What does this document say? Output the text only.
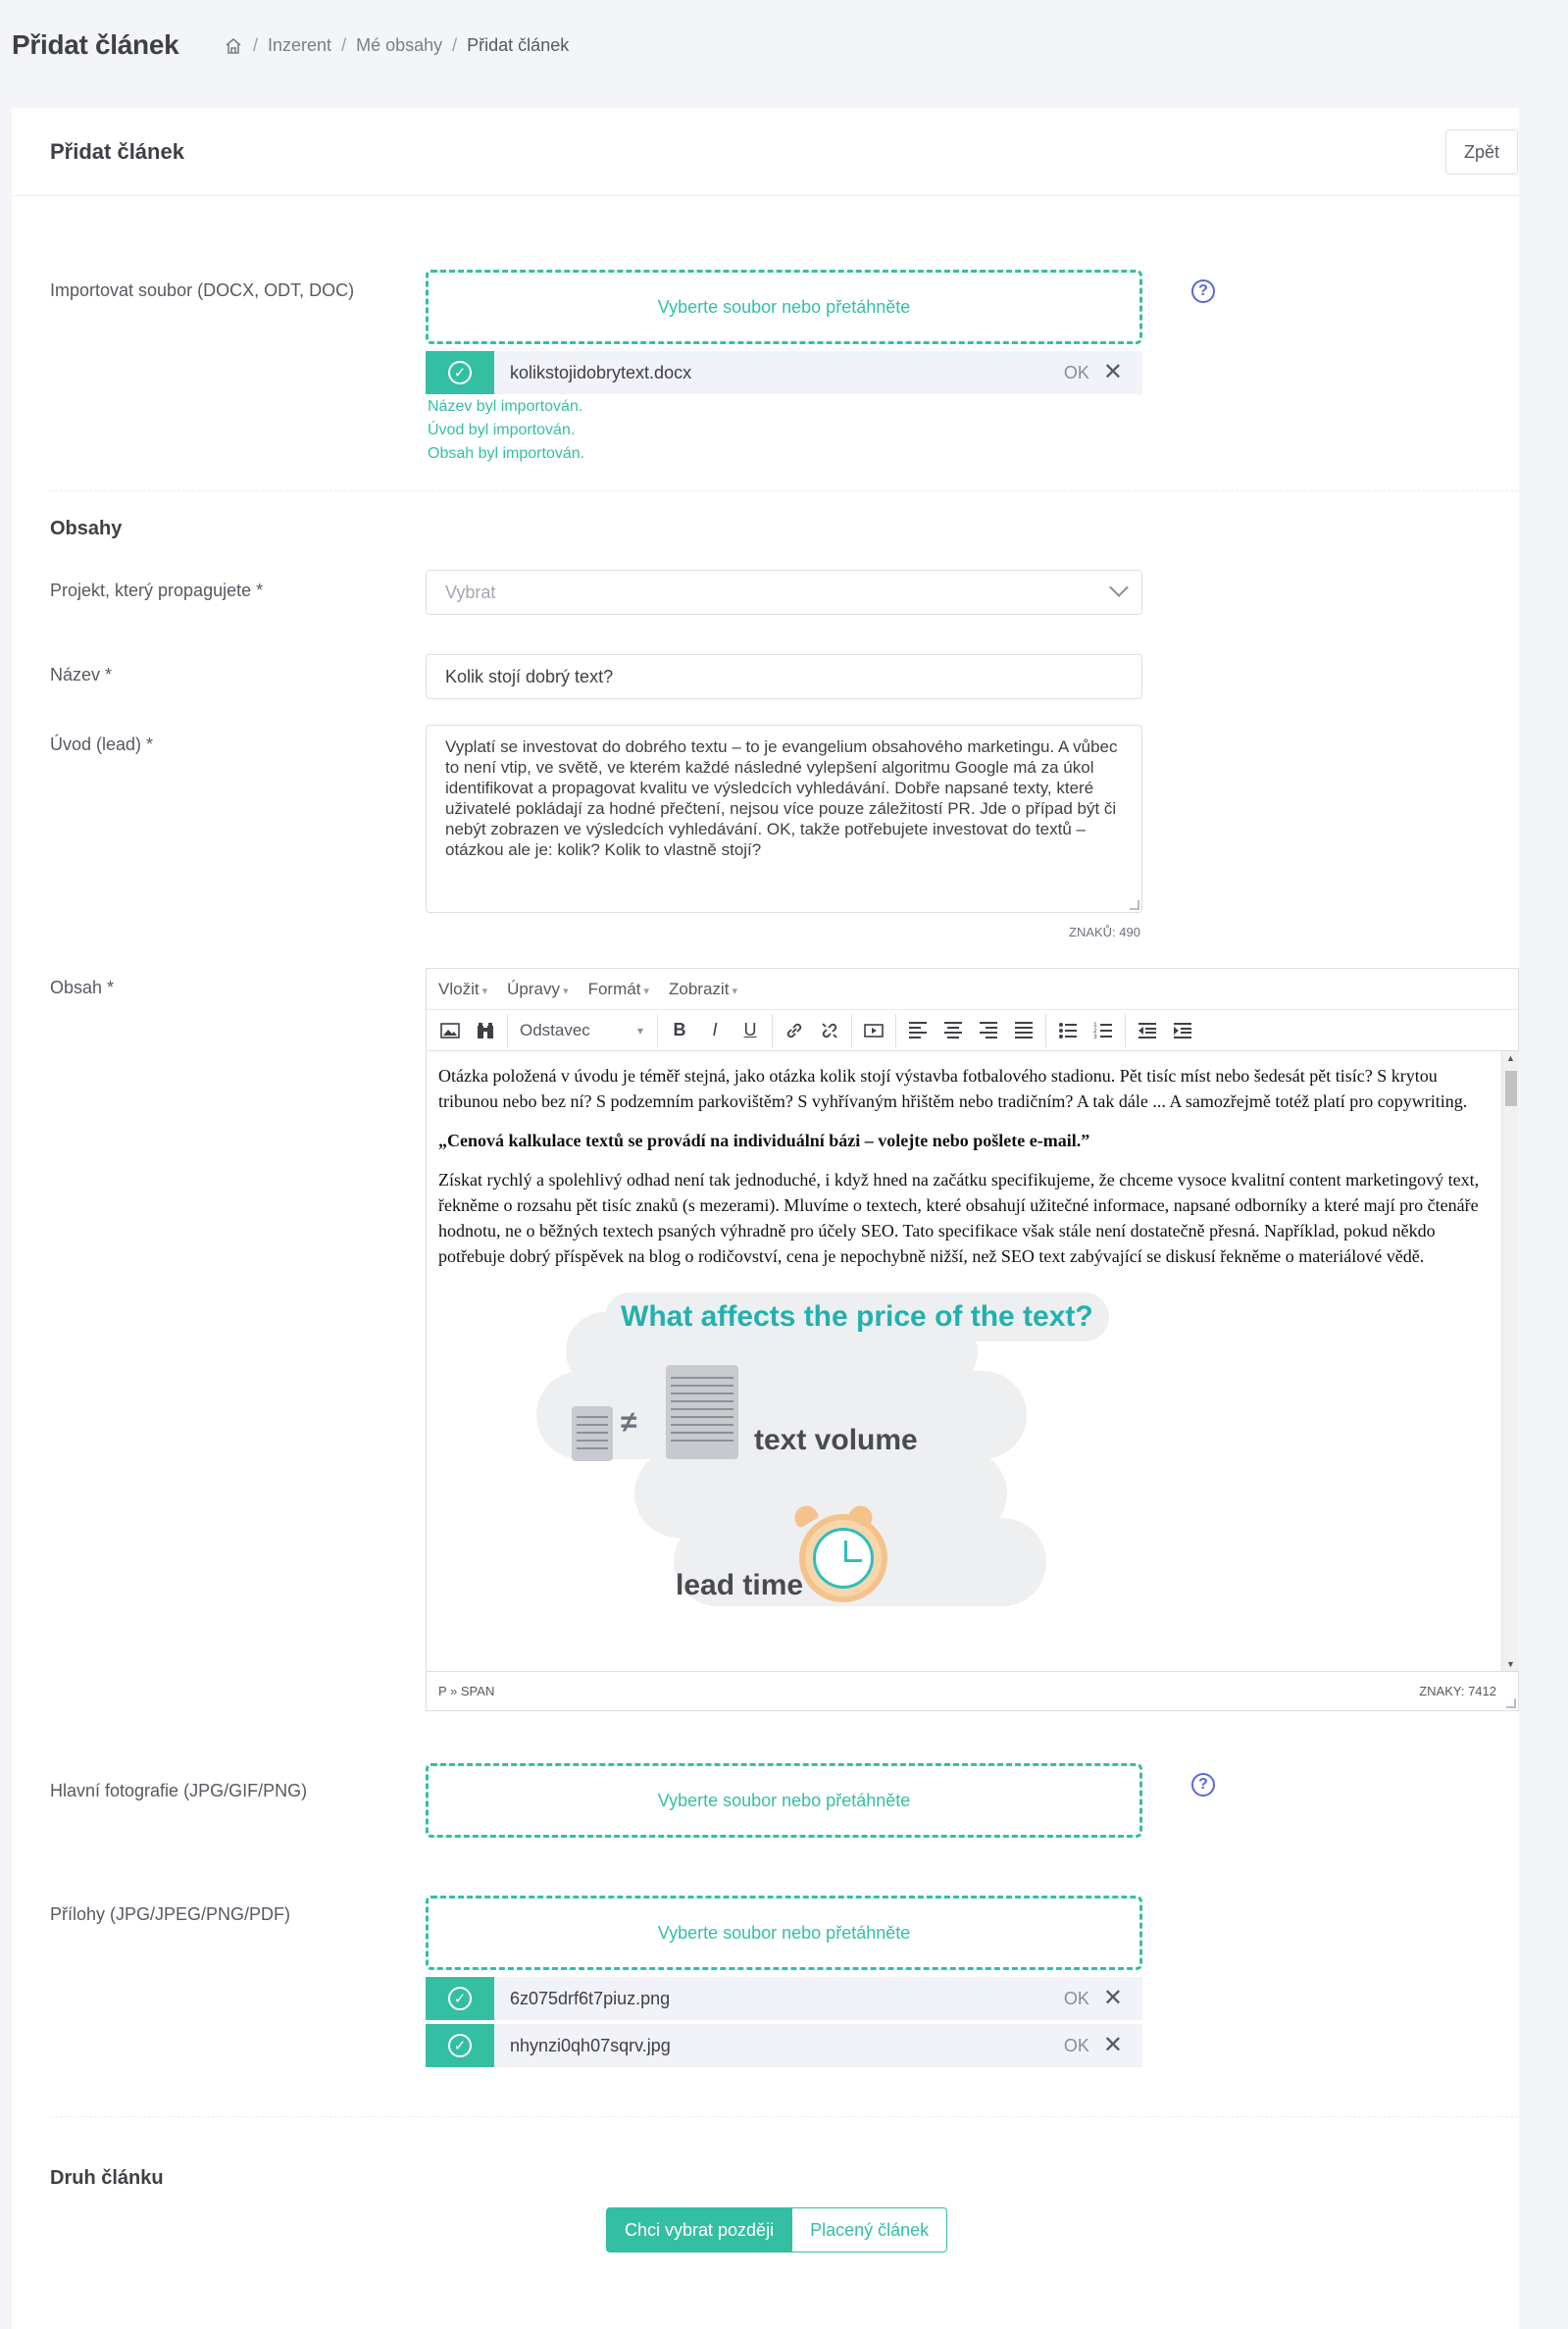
Přidat článek	/ Inzerent / Mé obsahy / Přidat článek
Přidat článek	Zpět
Importovat soubor (DOCX, ODT, DOC)
Vyberte soubor nebo přetáhněte
?
✓	kolikstojidobrytext.docx	OK ✕
Název byl importován.
Úvod byl importován.
Obsah byl importován.
Obsahy
Projekt, který propagujete *	Vybrat
Název *	Kolik stojí dobrý text?
Úvod (lead) *	Vyplatí se investovat do dobrého textu – to je evangelium obsahového marketingu. A vůbec to není vtip, ve světě, ve kterém každé následné vylepšení algoritmu Google má za úkol identifikovat a propagovat kvalitu ve výsledcích vyhledávání. Dobře napsané texty, které uživatelé pokládají za hodné přečtení, nejsou více pouze záležitostí PR. Jde o případ být či nebýt zobrazen ve výsledcích vyhledávání. OK, takže potřebujete investovat do textů – otázkou ale je: kolik? Kolik to vlastně stojí?
ZNAKŮ: 490
Obsah *	Vložit ▾	Úpravy ▾	Formát ▾	Zobrazit ▾
Odstavec ▾	B	I	U	1
2
3

Otázka položená v úvodu je téměř stejná, jako otázka kolik stojí výstavba fotbalového stadionu. Pět tisíc míst nebo šedesát pět tisíc? S krytou tribunou nebo bez ní? S podzemním parkovištěm? S vyhřívaným hřištěm nebo tradičním? A tak dále ... A samozřejmě totéž platí pro copywriting.

„Cenová kalkulace textů se provádí na individuální bázi – volejte nebo pošlete e-mail.”

Získat rychlý a spolehlivý odhad není tak jednoduché, i když hned na začátku specifikujeme, že chceme vysoce kvalitní content marketingový text, řekněme o rozsahu pět tisíc znaků (s mezerami). Mluvíme o textech, které obsahují užitečné informace, napsané odborníky a které mají pro čtenáře hodnotu, ne o běžných textech psaných výhradně pro účely SEO. Tato specifikace však stále není dostatečně přesná. Například, pokud někdo potřebuje dobrý příspěvek na blog o rodičovství, cena je nepochybně nižší, než SEO text zabývající se diskusí řekněme o materiálové vědě.

What affects the price of the text?
≠
text volume
lead time
▲
▼
P » SPAN	ZNAKY: 7412
Hlavní fotografie (JPG/GIF/PNG)	Vyberte soubor nebo přetáhněte
?
Přílohy (JPG/JPEG/PNG/PDF)
Vyberte soubor nebo přetáhněte
✓	6z075drf6t7piuz.png	OK ✕
✓	nhynzi0qh07sqrv.jpg	OK ✕
Druh článku
Chci vybrat později	Placený článek
